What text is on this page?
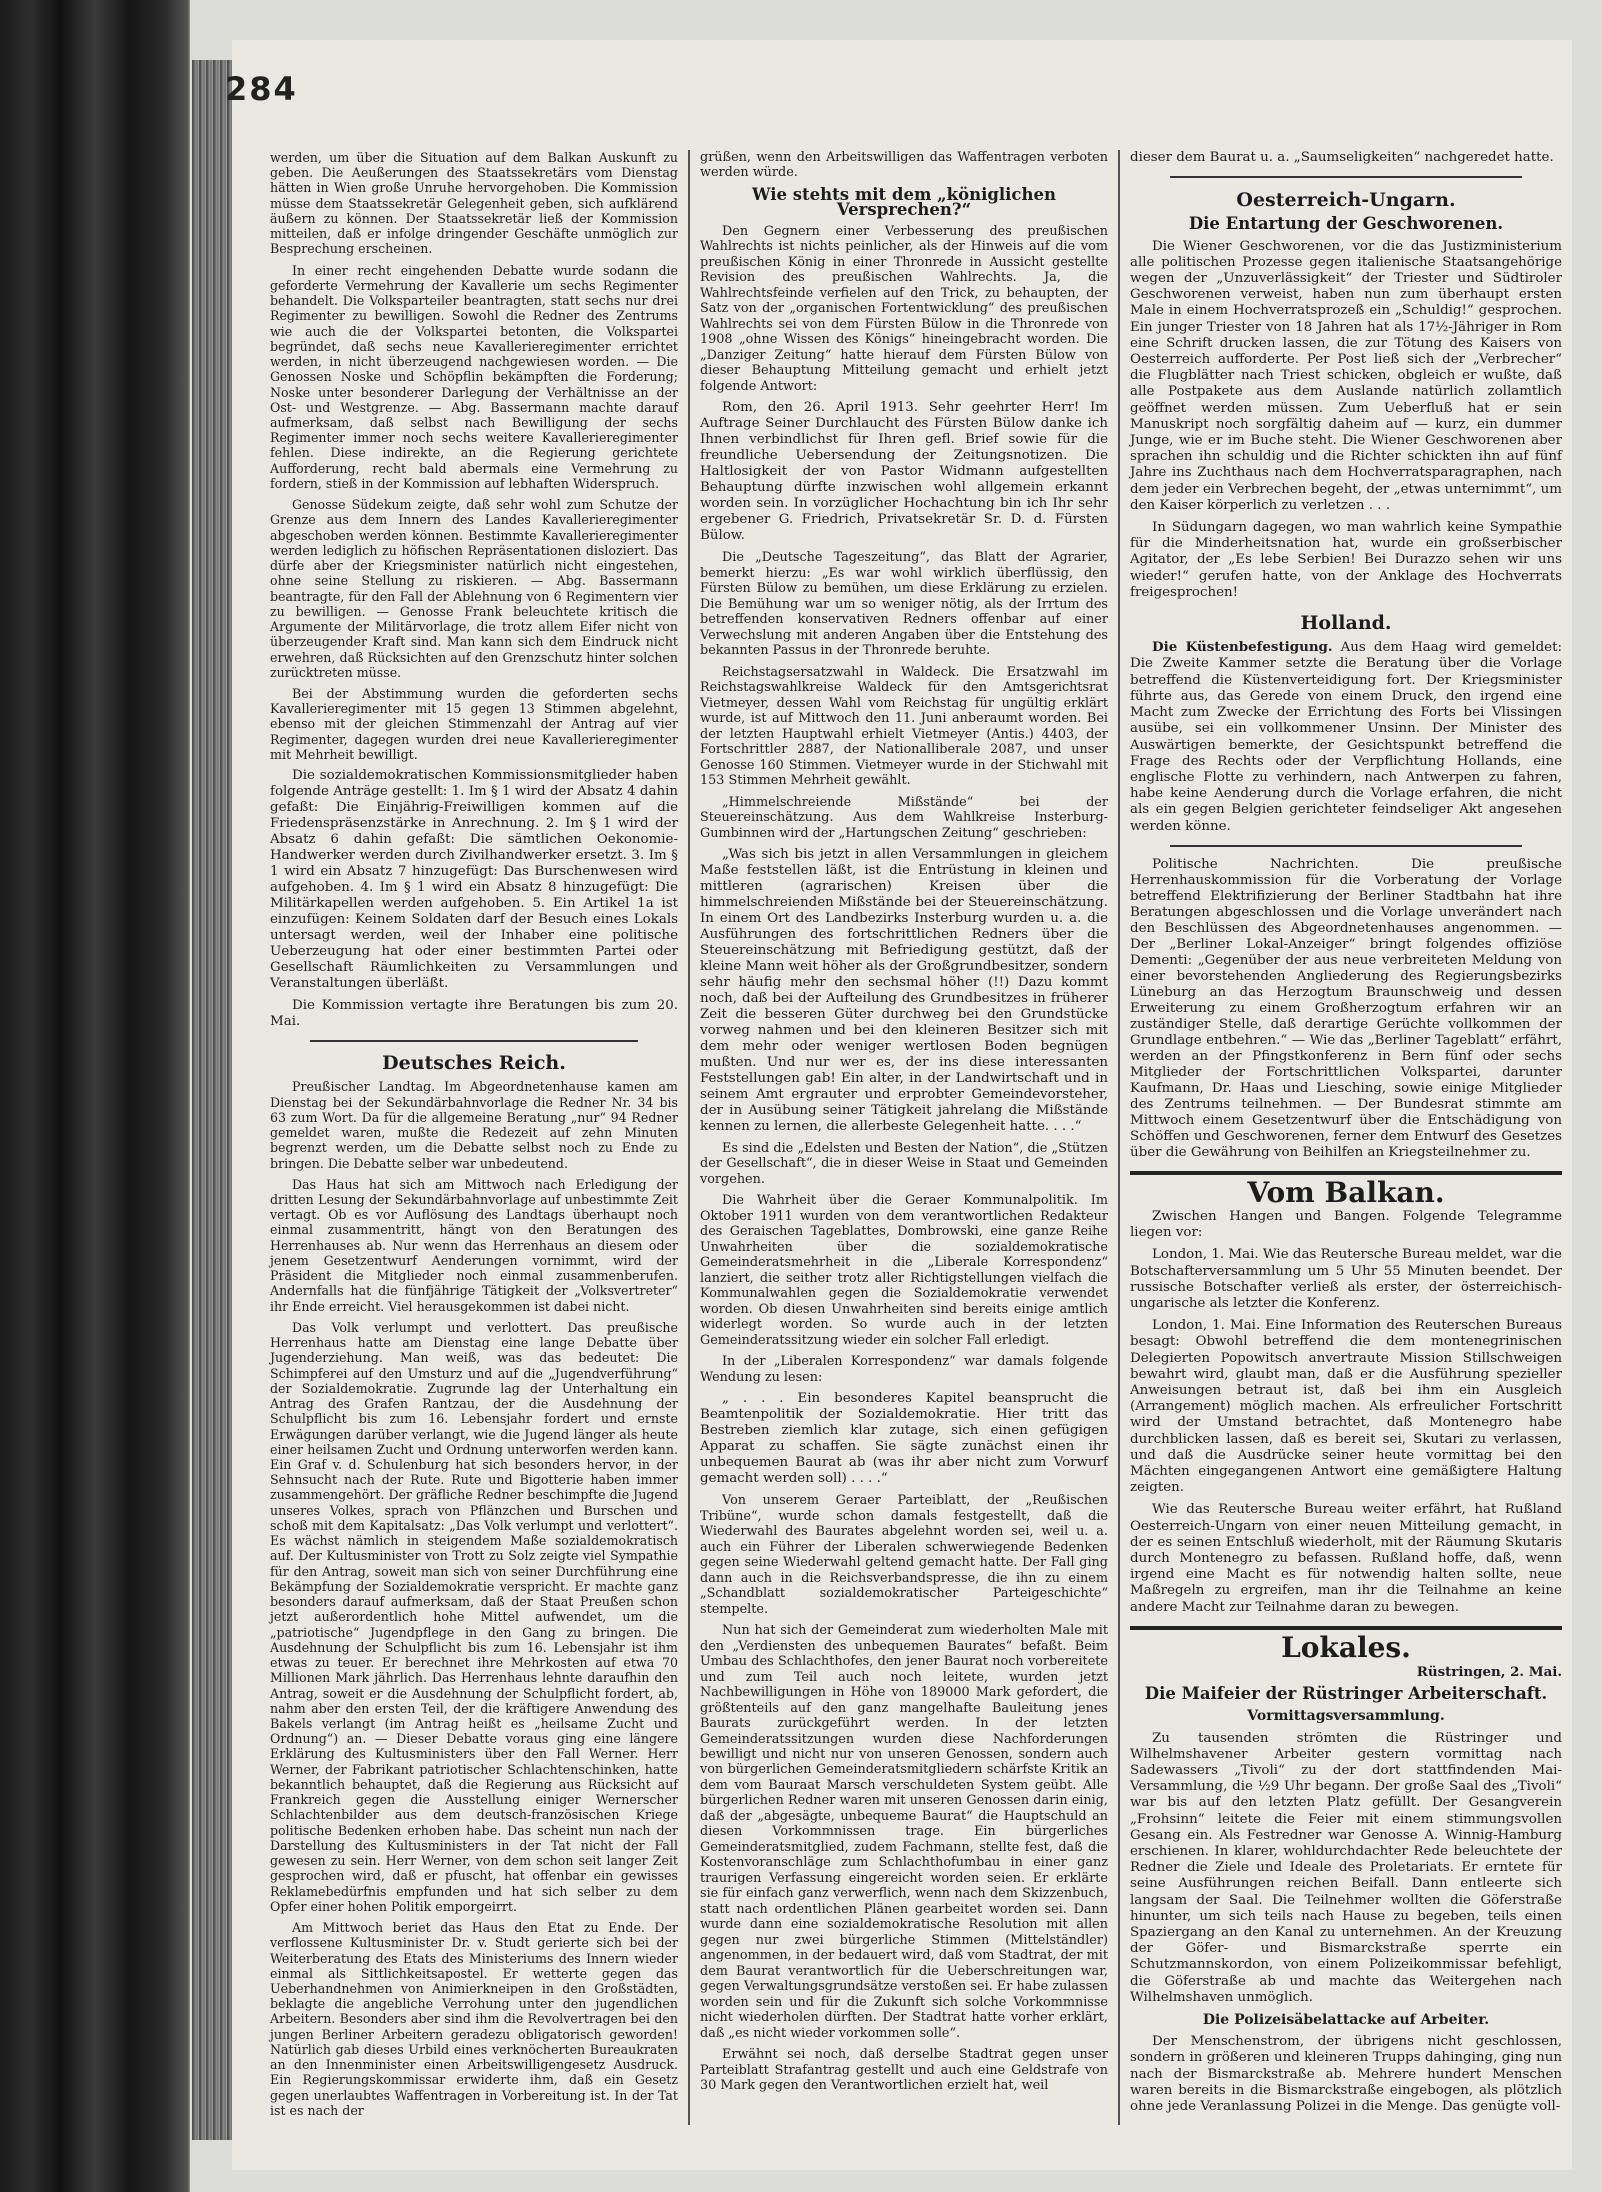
284

werden, um über die Situation auf dem Balkan Auskunft zu geben. Die Aeußerungen des Staatssekretärs vom Dienstag hätten in Wien große Unruhe hervorgehoben. Die Kommission müsse dem Staatssekretär Gelegenheit geben, sich aufklärend äußern zu können. Der Staatssekretär ließ der Kommission mitteilen, daß er infolge dringender Geschäfte unmöglich zur Besprechung erscheinen.

In einer recht eingehenden Debatte wurde sodann die geforderte Vermehrung der Kavallerie um sechs Regimenter behandelt. Die Volksparteiler beantragten, statt sechs nur drei Regimenter zu bewilligen. Sowohl die Redner des Zentrums wie auch die der Volkspartei betonten, die Volkspartei begründet, daß sechs neue Kavallerieregimenter errichtet werden, in nicht überzeugend nachgewiesen worden. — Die Genossen Noske und Schöpflin bekämpften die Forderung; Noske unter besonderer Darlegung der Verhältnisse an der Ost- und Westgrenze. — Abg. Bassermann machte darauf aufmerksam, daß selbst nach Bewilligung der sechs Regimenter immer noch sechs weitere Kavallerieregimenter fehlen. Diese indirekte, an die Regierung gerichtete Aufforderung, recht bald abermals eine Vermehrung zu fordern, stieß in der Kommission auf lebhaften Widerspruch.

Genosse Südekum zeigte, daß sehr wohl zum Schutze der Grenze aus dem Innern des Landes Kavallerieregimenter abgeschoben werden können. Bestimmte Kavallerieregimenter werden lediglich zu höfischen Repräsentationen disloziert. Das dürfe aber der Kriegsminister natürlich nicht eingestehen, ohne seine Stellung zu riskieren. — Abg. Bassermann beantragte, für den Fall der Ablehnung von 6 Regimentern vier zu bewilligen. — Genosse Frank beleuchtete kritisch die Argumente der Militärvorlage, die trotz allem Eifer nicht von überzeugender Kraft sind. Man kann sich dem Eindruck nicht erwehren, daß Rücksichten auf den Grenzschutz hinter solchen zurücktreten müsse.

Bei der Abstimmung wurden die geforderten sechs Kavallerieregimenter mit 15 gegen 13 Stimmen abgelehnt, ebenso mit der gleichen Stimmenzahl der Antrag auf vier Regimenter, dagegen wurden drei neue Kavallerieregimenter mit Mehrheit bewilligt.

Die sozialdemokratischen Kommissionsmitglieder haben folgende Anträge gestellt: 1. Im § 1 wird der Absatz 4 dahin gefaßt: Die Einjährig-Freiwilligen kommen auf die Friedenspräsenzstärke in Anrechnung. 2. Im § 1 wird der Absatz 6 dahin gefaßt: Die sämtlichen Oekonomie-Handwerker werden durch Zivilhandwerker ersetzt. 3. Im § 1 wird ein Absatz 7 hinzugefügt: Das Burschenwesen wird aufgehoben. 4. Im § 1 wird ein Absatz 8 hinzugefügt: Die Militärkapellen werden aufgehoben. 5. Ein Artikel 1a ist einzufügen: Keinem Soldaten darf der Besuch eines Lokals untersagt werden, weil der Inhaber eine politische Ueberzeugung hat oder einer bestimmten Partei oder Gesellschaft Räumlichkeiten zu Versammlungen und Veranstaltungen überläßt.

Die Kommission vertagte ihre Beratungen bis zum 20. Mai.

Deutsches Reich.

Preußischer Landtag. Im Abgeordnetenhause kamen am Dienstag bei der Sekundärbahnvorlage die Redner Nr. 34 bis 63 zum Wort. Da für die allgemeine Beratung „nur“ 94 Redner gemeldet waren, mußte die Redezeit auf zehn Minuten begrenzt werden, um die Debatte selbst noch zu Ende zu bringen. Die Debatte selber war unbedeutend.

Das Haus hat sich am Mittwoch nach Erledigung der dritten Lesung der Sekundärbahnvorlage auf unbestimmte Zeit vertagt. Ob es vor Auflösung des Landtags überhaupt noch einmal zusammentritt, hängt von den Beratungen des Herrenhauses ab. Nur wenn das Herrenhaus an diesem oder jenem Gesetzentwurf Aenderungen vornimmt, wird der Präsident die Mitglieder noch einmal zusammenberufen. Andernfalls hat die fünfjährige Tätigkeit der „Volksvertreter“ ihr Ende erreicht. Viel herausgekommen ist dabei nicht.

Das Volk verlumpt und verlottert. Das preußische Herrenhaus hatte am Dienstag eine lange Debatte über Jugenderziehung. Man weiß, was das bedeutet: Die Schimpferei auf den Umsturz und auf die „Jugendverführung“ der Sozialdemokratie. Zugrunde lag der Unterhaltung ein Antrag des Grafen Rantzau, der die Ausdehnung der Schulpflicht bis zum 16. Lebensjahr fordert und ernste Erwägungen darüber verlangt, wie die Jugend länger als heute einer heilsamen Zucht und Ordnung unterworfen werden kann. Ein Graf v. d. Schulenburg hat sich besonders hervor, in der Sehnsucht nach der Rute. Rute und Bigotterie haben immer zusammengehört. Der gräfliche Redner beschimpfte die Jugend unseres Volkes, sprach von Pflänzchen und Burschen und schoß mit dem Kapitalsatz: „Das Volk verlumpt und verlottert“. Es wächst nämlich in steigendem Maße sozialdemokratisch auf. Der Kultusminister von Trott zu Solz zeigte viel Sympathie für den Antrag, soweit man sich von seiner Durchführung eine Bekämpfung der Sozialdemokratie verspricht. Er machte ganz besonders darauf aufmerksam, daß der Staat Preußen schon jetzt außerordentlich hohe Mittel aufwendet, um die „patriotische“ Jugendpflege in den Gang zu bringen. Die Ausdehnung der Schulpflicht bis zum 16. Lebensjahr ist ihm etwas zu teuer. Er berechnet ihre Mehrkosten auf etwa 70 Millionen Mark jährlich. Das Herrenhaus lehnte daraufhin den Antrag, soweit er die Ausdehnung der Schulpflicht fordert, ab, nahm aber den ersten Teil, der die kräftigere Anwendung des Bakels verlangt (im Antrag heißt es „heilsame Zucht und Ordnung“) an. — Dieser Debatte voraus ging eine längere Erklärung des Kultusministers über den Fall Werner. Herr Werner, der Fabrikant patriotischer Schlachtenschinken, hatte bekanntlich behauptet, daß die Regierung aus Rücksicht auf Frankreich gegen die Ausstellung einiger Wernerscher Schlachtenbilder aus dem deutsch-französischen Kriege politische Bedenken erhoben habe. Das scheint nun nach der Darstellung des Kultusministers in der Tat nicht der Fall gewesen zu sein. Herr Werner, von dem schon seit langer Zeit gesprochen wird, daß er pfuscht, hat offenbar ein gewisses Reklamebedürfnis empfunden und hat sich selber zu dem Opfer einer hohen Politik emporgeirrt.

Am Mittwoch beriet das Haus den Etat zu Ende. Der verflossene Kultusminister Dr. v. Studt gerierte sich bei der Weiterberatung des Etats des Ministeriums des Innern wieder einmal als Sittlichkeitsapostel. Er wetterte gegen das Ueberhandnehmen von Animierkneipen in den Großstädten, beklagte die angebliche Verrohung unter den jugendlichen Arbeitern. Besonders aber sind ihm die Revolvertragen bei den jungen Berliner Arbeitern geradezu obligatorisch geworden! Natürlich gab dieses Urbild eines verknöcherten Bureaukraten an den Innenminister einen Arbeitswilligengesetz Ausdruck. Ein Regierungskommissar erwiderte ihm, daß ein Gesetz gegen unerlaubtes Waffentragen in Vorbereitung ist. In der Tat ist es nach der

grüßen, wenn den Arbeitswilligen das Waffentragen verboten werden würde.

Wie stehts mit dem „königlichen Versprechen?“

Den Gegnern einer Verbesserung des preußischen Wahlrechts ist nichts peinlicher, als der Hinweis auf die vom preußischen König in einer Thronrede in Aussicht gestellte Revision des preußischen Wahlrechts. Ja, die Wahlrechtsfeinde verfielen auf den Trick, zu behaupten, der Satz von der „organischen Fortentwicklung“ des preußischen Wahlrechts sei von dem Fürsten Bülow in die Thronrede von 1908 „ohne Wissen des Königs“ hineingebracht worden. Die „Danziger Zeitung“ hatte hierauf dem Fürsten Bülow von dieser Behauptung Mitteilung gemacht und erhielt jetzt folgende Antwort:

Rom, den 26. April 1913. Sehr geehrter Herr! Im Auftrage Seiner Durchlaucht des Fürsten Bülow danke ich Ihnen verbindlichst für Ihren gefl. Brief sowie für die freundliche Uebersendung der Zeitungsnotizen. Die Haltlosigkeit der von Pastor Widmann aufgestellten Behauptung dürfte inzwischen wohl allgemein erkannt worden sein. In vorzüglicher Hochachtung bin ich Ihr sehr ergebener G. Friedrich, Privatsekretär Sr. D. d. Fürsten Bülow.

Die „Deutsche Tageszeitung“, das Blatt der Agrarier, bemerkt hierzu: „Es war wohl wirklich überflüssig, den Fürsten Bülow zu bemühen, um diese Erklärung zu erzielen. Die Bemühung war um so weniger nötig, als der Irrtum des betreffenden konservativen Redners offenbar auf einer Verwechslung mit anderen Angaben über die Entstehung des bekannten Passus in der Thronrede beruhte.

Reichstagsersatzwahl in Waldeck. Die Ersatzwahl im Reichstagswahlkreise Waldeck für den Amtsgerichtsrat Vietmeyer, dessen Wahl vom Reichstag für ungültig erklärt wurde, ist auf Mittwoch den 11. Juni anberaumt worden. Bei der letzten Hauptwahl erhielt Vietmeyer (Antis.) 4403, der Fortschrittler 2887, der Nationalliberale 2087, und unser Genosse 160 Stimmen. Vietmeyer wurde in der Stichwahl mit 153 Stimmen Mehrheit gewählt.

„Himmelschreiende Mißstände“ bei der Steuereinschätzung. Aus dem Wahlkreise Insterburg-Gumbinnen wird der „Hartungschen Zeitung“ geschrieben:

„Was sich bis jetzt in allen Versammlungen in gleichem Maße feststellen läßt, ist die Entrüstung in kleinen und mittleren (agrarischen) Kreisen über die himmelschreienden Mißstände bei der Steuereinschätzung. In einem Ort des Landbezirks Insterburg wurden u. a. die Ausführungen des fortschrittlichen Redners über die Steuereinschätzung mit Befriedigung gestützt, daß der kleine Mann weit höher als der Großgrundbesitzer, sondern sehr häufig mehr den sechsmal höher (!!) Dazu kommt noch, daß bei der Aufteilung des Grundbesitzes in früherer Zeit die besseren Güter durchweg bei den Grundstücke vorweg nahmen und bei den kleineren Besitzer sich mit dem mehr oder weniger wertlosen Boden begnügen mußten. Und nur wer es, der ins diese interessanten Feststellungen gab! Ein alter, in der Landwirtschaft und in seinem Amt ergrauter und erprobter Gemeindevorsteher, der in Ausübung seiner Tätigkeit jahrelang die Mißstände kennen zu lernen, die allerbeste Gelegenheit hatte. . . .“

Es sind die „Edelsten und Besten der Nation“, die „Stützen der Gesellschaft“, die in dieser Weise in Staat und Gemeinden vorgehen.

Die Wahrheit über die Geraer Kommunalpolitik. Im Oktober 1911 wurden von dem verantwortlichen Redakteur des Geraischen Tageblattes, Dombrowski, eine ganze Reihe Unwahrheiten über die sozialdemokratische Gemeinderatsmehrheit in die „Liberale Korrespondenz“ lanziert, die seither trotz aller Richtigstellungen vielfach die Kommunalwahlen gegen die Sozialdemokratie verwendet worden. Ob diesen Unwahrheiten sind bereits einige amtlich widerlegt worden. So wurde auch in der letzten Gemeinderatssitzung wieder ein solcher Fall erledigt.

In der „Liberalen Korrespondenz“ war damals folgende Wendung zu lesen:

„ . . . Ein besonderes Kapitel beansprucht die Beamtenpolitik der Sozialdemokratie. Hier tritt das Bestreben ziemlich klar zutage, sich einen gefügigen Apparat zu schaffen. Sie sägte zunächst einen ihr unbequemen Baurat ab (was ihr aber nicht zum Vorwurf gemacht werden soll) . . . .“

Von unserem Geraer Parteiblatt, der „Reußischen Tribüne“, wurde schon damals festgestellt, daß die Wiederwahl des Baurates abgelehnt worden sei, weil u. a. auch ein Führer der Liberalen schwerwiegende Bedenken gegen seine Wiederwahl geltend gemacht hatte. Der Fall ging dann auch in die Reichsverbandspresse, die ihn zu einem „Schandblatt sozialdemokratischer Parteigeschichte“ stempelte.

Nun hat sich der Gemeinderat zum wiederholten Male mit den „Verdiensten des unbequemen Baurates“ befaßt. Beim Umbau des Schlachthofes, den jener Baurat noch vorbereitete und zum Teil auch noch leitete, wurden jetzt Nachbewilligungen in Höhe von 189000 Mark gefordert, die größtenteils auf den ganz mangelhafte Bauleitung jenes Baurats zurückgeführt werden. In der letzten Gemeinderatssitzungen wurden diese Nachforderungen bewilligt und nicht nur von unseren Genossen, sondern auch von bürgerlichen Gemeinderatsmitgliedern schärfste Kritik an dem vom Bauraat Marsch verschuldeten System geübt. Alle bürgerlichen Redner waren mit unseren Genossen darin einig, daß der „abgesägte, unbequeme Baurat“ die Hauptschuld an diesen Vorkommnissen trage. Ein bürgerliches Gemeinderatsmitglied, zudem Fachmann, stellte fest, daß die Kostenvoranschläge zum Schlachthofumbau in einer ganz traurigen Verfassung eingereicht worden seien. Er erklärte sie für einfach ganz verwerflich, wenn nach dem Skizzenbuch, statt nach ordentlichen Plänen gearbeitet worden sei. Dann wurde dann eine sozialdemokratische Resolution mit allen gegen nur zwei bürgerliche Stimmen (Mittelständler) angenommen, in der bedauert wird, daß vom Stadtrat, der mit dem Baurat verantwortlich für die Ueberschreitungen war, gegen Verwaltungsgrundsätze verstoßen sei. Er habe zulassen worden sein und für die Zukunft sich solche Vorkommnisse nicht wiederholen dürften. Der Stadtrat hatte vorher erklärt, daß „es nicht wieder vorkommen solle“.

Erwähnt sei noch, daß derselbe Stadtrat gegen unser Parteiblatt Strafantrag gestellt und auch eine Geldstrafe von 30 Mark gegen den Verantwortlichen erzielt hat, weil

dieser dem Baurat u. a. „Saumseligkeiten“ nachgeredet hatte.

Oesterreich-Ungarn.
Die Entartung der Geschworenen.

Die Wiener Geschworenen, vor die das Justizministerium alle politischen Prozesse gegen italienische Staatsangehörige wegen der „Unzuverlässigkeit“ der Triester und Südtiroler Geschworenen verweist, haben nun zum überhaupt ersten Male in einem Hochverratsprozeß ein „Schuldig!“ gesprochen. Ein junger Triester von 18 Jahren hat als 17½-Jähriger in Rom eine Schrift drucken lassen, die zur Tötung des Kaisers von Oesterreich aufforderte. Per Post ließ sich der „Verbrecher“ die Flugblätter nach Triest schicken, obgleich er wußte, daß alle Postpakete aus dem Auslande natürlich zollamtlich geöffnet werden müssen. Zum Ueberfluß hat er sein Manuskript noch sorgfältig daheim auf — kurz, ein dummer Junge, wie er im Buche steht. Die Wiener Geschworenen aber sprachen ihn schuldig und die Richter schickten ihn auf fünf Jahre ins Zuchthaus nach dem Hochverratsparagraphen, nach dem jeder ein Verbrechen begeht, der „etwas unternimmt“, um den Kaiser körperlich zu verletzen . . .

In Südungarn dagegen, wo man wahrlich keine Sympathie für die Minderheitsnation hat, wurde ein großserbischer Agitator, der „Es lebe Serbien! Bei Durazzo sehen wir uns wieder!“ gerufen hatte, von der Anklage des Hochverrats freigesprochen!

Holland.

Die Küstenbefestigung. Aus dem Haag wird gemeldet: Die Zweite Kammer setzte die Beratung über die Vorlage betreffend die Küstenverteidigung fort. Der Kriegsminister führte aus, das Gerede von einem Druck, den irgend eine Macht zum Zwecke der Errichtung des Forts bei Vlissingen ausübe, sei ein vollkommener Unsinn. Der Minister des Auswärtigen bemerkte, der Gesichtspunkt betreffend die Frage des Rechts oder der Verpflichtung Hollands, eine englische Flotte zu verhindern, nach Antwerpen zu fahren, habe keine Aenderung durch die Vorlage erfahren, die nicht als ein gegen Belgien gerichteter feindseliger Akt angesehen werden könne.

Politische Nachrichten. Die preußische Herrenhauskommission für die Vorberatung der Vorlage betreffend Elektrifizierung der Berliner Stadtbahn hat ihre Beratungen abgeschlossen und die Vorlage unverändert nach den Beschlüssen des Abgeordnetenhauses angenommen. — Der „Berliner Lokal-Anzeiger“ bringt folgendes offiziöse Dementi: „Gegenüber der aus neue verbreiteten Meldung von einer bevorstehenden Angliederung des Regierungsbezirks Lüneburg an das Herzogtum Braunschweig und dessen Erweiterung zu einem Großherzogtum erfahren wir an zuständiger Stelle, daß derartige Gerüchte vollkommen der Grundlage entbehren.“ — Wie das „Berliner Tageblatt“ erfährt, werden an der Pfingstkonferenz in Bern fünf oder sechs Mitglieder der Fortschrittlichen Volkspartei, darunter Kaufmann, Dr. Haas und Liesching, sowie einige Mitglieder des Zentrums teilnehmen. — Der Bundesrat stimmte am Mittwoch einem Gesetzentwurf über die Entschädigung von Schöffen und Geschworenen, ferner dem Entwurf des Gesetzes über die Gewährung von Beihilfen an Kriegsteilnehmer zu.

Vom Balkan.

Zwischen Hangen und Bangen. Folgende Telegramme liegen vor:

London, 1. Mai. Wie das Reutersche Bureau meldet, war die Botschafterversammlung um 5 Uhr 55 Minuten beendet. Der russische Botschafter verließ als erster, der österreichisch-ungarische als letzter die Konferenz.

London, 1. Mai. Eine Information des Reuterschen Bureaus besagt: Obwohl betreffend die dem montenegrinischen Delegierten Popowitsch anvertraute Mission Stillschweigen bewahrt wird, glaubt man, daß er die Ausführung spezieller Anweisungen betraut ist, daß bei ihm ein Ausgleich (Arrangement) möglich machen. Als erfreulicher Fortschritt wird der Umstand betrachtet, daß Montenegro habe durchblicken lassen, daß es bereit sei, Skutari zu verlassen, und daß die Ausdrücke seiner heute vormittag bei den Mächten eingegangenen Antwort eine gemäßigtere Haltung zeigten.

Wie das Reutersche Bureau weiter erfährt, hat Rußland Oesterreich-Ungarn von einer neuen Mitteilung gemacht, in der es seinen Entschluß wiederholt, mit der Räumung Skutaris durch Montenegro zu befassen. Rußland hoffe, daß, wenn irgend eine Macht es für notwendig halten sollte, neue Maßregeln zu ergreifen, man ihr die Teilnahme an keine andere Macht zur Teilnahme daran zu bewegen.

Lokales.
Rüstringen, 2. Mai.
Die Maifeier der Rüstringer Arbeiterschaft.
Vormittagsversammlung.

Zu tausenden strömten die Rüstringer und Wilhelmshavener Arbeiter gestern vormittag nach Sadewassers „Tivoli“ zu der dort stattfindenden Mai-Versammlung, die ½9 Uhr begann. Der große Saal des „Tivoli“ war bis auf den letzten Platz gefüllt. Der Gesangverein „Frohsinn“ leitete die Feier mit einem stimmungsvollen Gesang ein. Als Festredner war Genosse A. Winnig-Hamburg erschienen. In klarer, wohldurchdachter Rede beleuchtete der Redner die Ziele und Ideale des Proletariats. Er erntete für seine Ausführungen reichen Beifall. Dann entleerte sich langsam der Saal. Die Teilnehmer wollten die Göferstraße hinunter, um sich teils nach Hause zu begeben, teils einen Spaziergang an den Kanal zu unternehmen. An der Kreuzung der Göfer- und Bismarckstraße sperrte ein Schutzmannskordon, von einem Polizeikommissar befehligt, die Göferstraße ab und machte das Weitergehen nach Wilhelmshaven unmöglich.

Die Polizeisäbelattacke auf Arbeiter.

Der Menschenstrom, der übrigens nicht geschlossen, sondern in größeren und kleineren Trupps dahinging, ging nun nach der Bismarckstraße ab. Mehrere hundert Menschen waren bereits in die Bismarckstraße eingebogen, als plötzlich ohne jede Veranlassung Polizei in die Menge. Das genügte voll-
